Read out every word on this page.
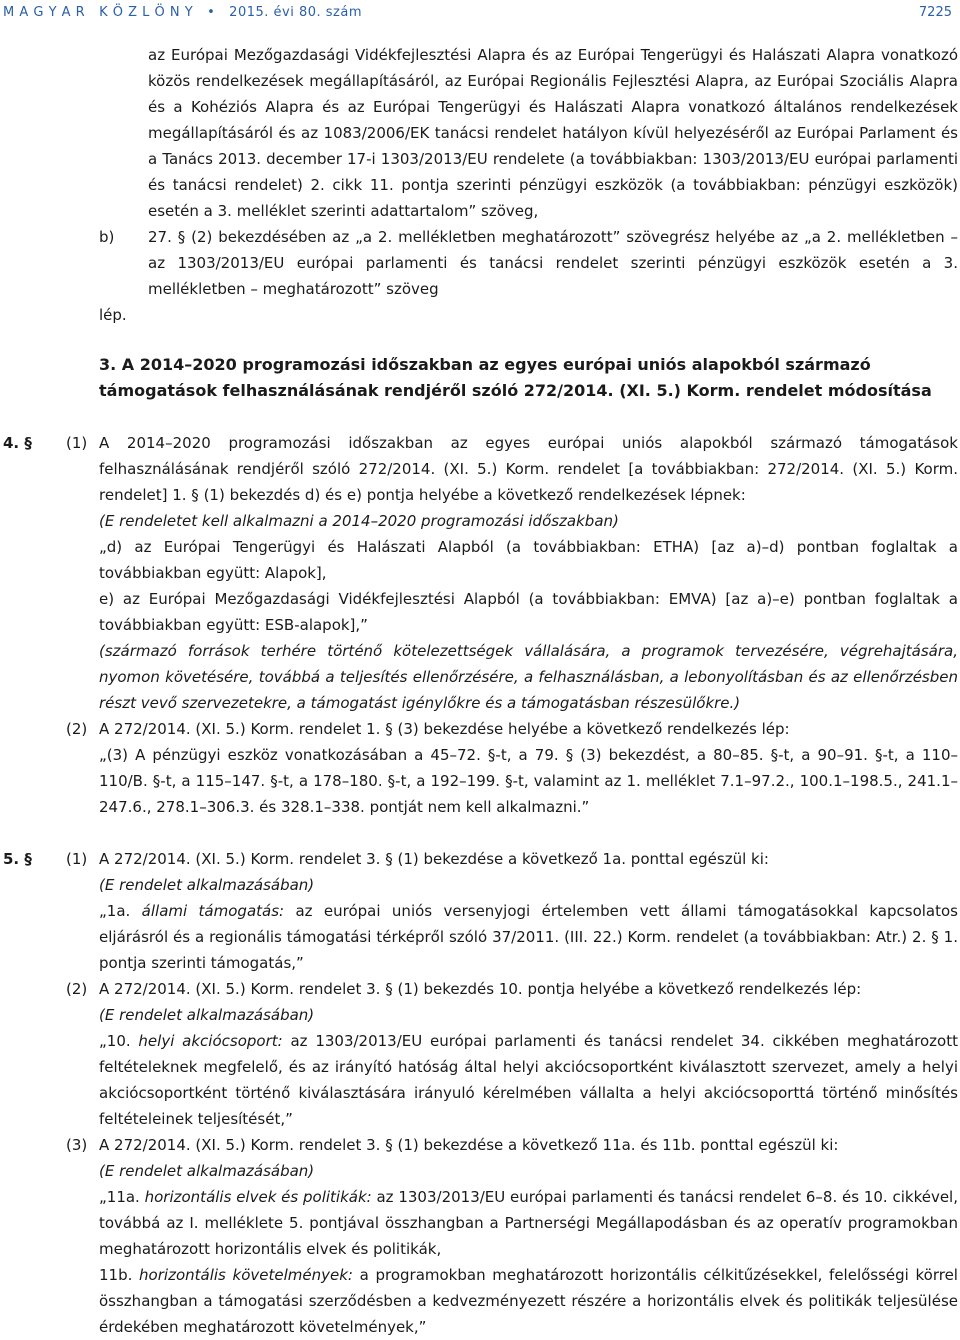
M A G Y A R   K Ö Z L Ö N Y   •   2015. évi 80. szám	7225
az Európai Mezőgazdasági Vidékfejlesztési Alapra és az Európai Tengerügyi és Halászati Alapra vonatkozó közös rendelkezések megállapításáról, az Európai Regionális Fejlesztési Alapra, az Európai Szociális Alapra és a Kohéziós Alapra és az Európai Tengerügyi és Halászati Alapra vonatkozó általános rendelkezések megállapításáról és az 1083/2006/EK tanácsi rendelet hatályon kívül helyezéséről az Európai Parlament és a Tanács 2013. december 17-i 1303/2013/EU rendelete (a továbbiakban: 1303/2013/EU európai parlamenti és tanácsi rendelet) 2. cikk 11. pontja szerinti pénzügyi eszközök (a továbbiakban: pénzügyi eszközök) esetén a 3. melléklet szerinti adattartalom” szöveg,
b) 27. § (2) bekezdésében az „a 2. mellékletben meghatározott” szövegrész helyébe az „a 2. mellékletben – az 1303/2013/EU európai parlamenti és tanácsi rendelet szerinti pénzügyi eszközök esetén a 3. mellékletben – meghatározott” szöveg
lép.
3. A 2014–2020 programozási időszakban az egyes európai uniós alapokból származó támogatások felhasználásának rendjéről szóló 272/2014. (XI. 5.) Korm. rendelet módosítása
4. § (1) A 2014–2020 programozási időszakban az egyes európai uniós alapokból származó támogatások felhasználásának rendjéről szóló 272/2014. (XI. 5.) Korm. rendelet [a továbbiakban: 272/2014. (XI. 5.) Korm. rendelet] 1. § (1) bekezdés d) és e) pontja helyébe a következő rendelkezések lépnek:
(E rendeletet kell alkalmazni a 2014–2020 programozási időszakban)
„d) az Európai Tengerügyi és Halászati Alapból (a továbbiakban: ETHA) [az a)–d) pontban foglaltak a továbbiakban együtt: Alapok],
e) az Európai Mezőgazdasági Vidékfejlesztési Alapból (a továbbiakban: EMVA) [az a)–e) pontban foglaltak a továbbiakban együtt: ESB-alapok],”
(származó források terhére történő kötelezettségek vállalására, a programok tervezésére, végrehajtására, nyomon követésére, továbbá a teljesítés ellenőrzésére, a felhasználásban, a lebonyolításban és az ellenőrzésben részt vevő szervezetekre, a támogatást igénylőkre és a támogatásban részesülőkre.)
(2) A 272/2014. (XI. 5.) Korm. rendelet 1. § (3) bekezdése helyébe a következő rendelkezés lép:
„(3) A pénzügyi eszköz vonatkozásában a 45–72. §-t, a 79. § (3) bekezdést, a 80–85. §-t, a 90–91. §-t, a 110–110/B. §-t, a 115–147. §-t, a 178–180. §-t, a 192–199. §-t, valamint az 1. melléklet 7.1–97.2., 100.1–198.5., 241.1–247.6., 278.1–306.3. és 328.1–338. pontját nem kell alkalmazni.”
5. § (1) A 272/2014. (XI. 5.) Korm. rendelet 3. § (1) bekezdése a következő 1a. ponttal egészül ki:
(E rendelet alkalmazásában)
„1a. állami támogatás: az európai uniós versenyjogi értelemben vett állami támogatásokkal kapcsolatos eljárásról és a regionális támogatási térképről szóló 37/2011. (III. 22.) Korm. rendelet (a továbbiakban: Atr.) 2. § 1. pontja szerinti támogatás,”
(2) A 272/2014. (XI. 5.) Korm. rendelet 3. § (1) bekezdés 10. pontja helyébe a következő rendelkezés lép:
(E rendelet alkalmazásában)
„10. helyi akciócsoport: az 1303/2013/EU európai parlamenti és tanácsi rendelet 34. cikkében meghatározott feltételeknek megfelelő, és az irányító hatóság által helyi akciócsoportként kiválasztott szervezet, amely a helyi akciócsoportként történő kiválasztására irányuló kérelmében vállalta a helyi akciócsoporttá történő minősítés feltételeinek teljesítését,”
(3) A 272/2014. (XI. 5.) Korm. rendelet 3. § (1) bekezdése a következő 11a. és 11b. ponttal egészül ki:
(E rendelet alkalmazásában)
„11a. horizontális elvek és politikák: az 1303/2013/EU európai parlamenti és tanácsi rendelet 6–8. és 10. cikkével, továbbá az I. melléklete 5. pontjával összhangban a Partnerségi Megállapodásban és az operatív programokban meghatározott horizontális elvek és politikák,
11b. horizontális követelmények: a programokban meghatározott horizontális célkitűzésekkel, felelősségi körrel összhangban a támogatási szerződésben a kedvezményezett részére a horizontális elvek és politikák teljesülése érdekében meghatározott követelmények,”
